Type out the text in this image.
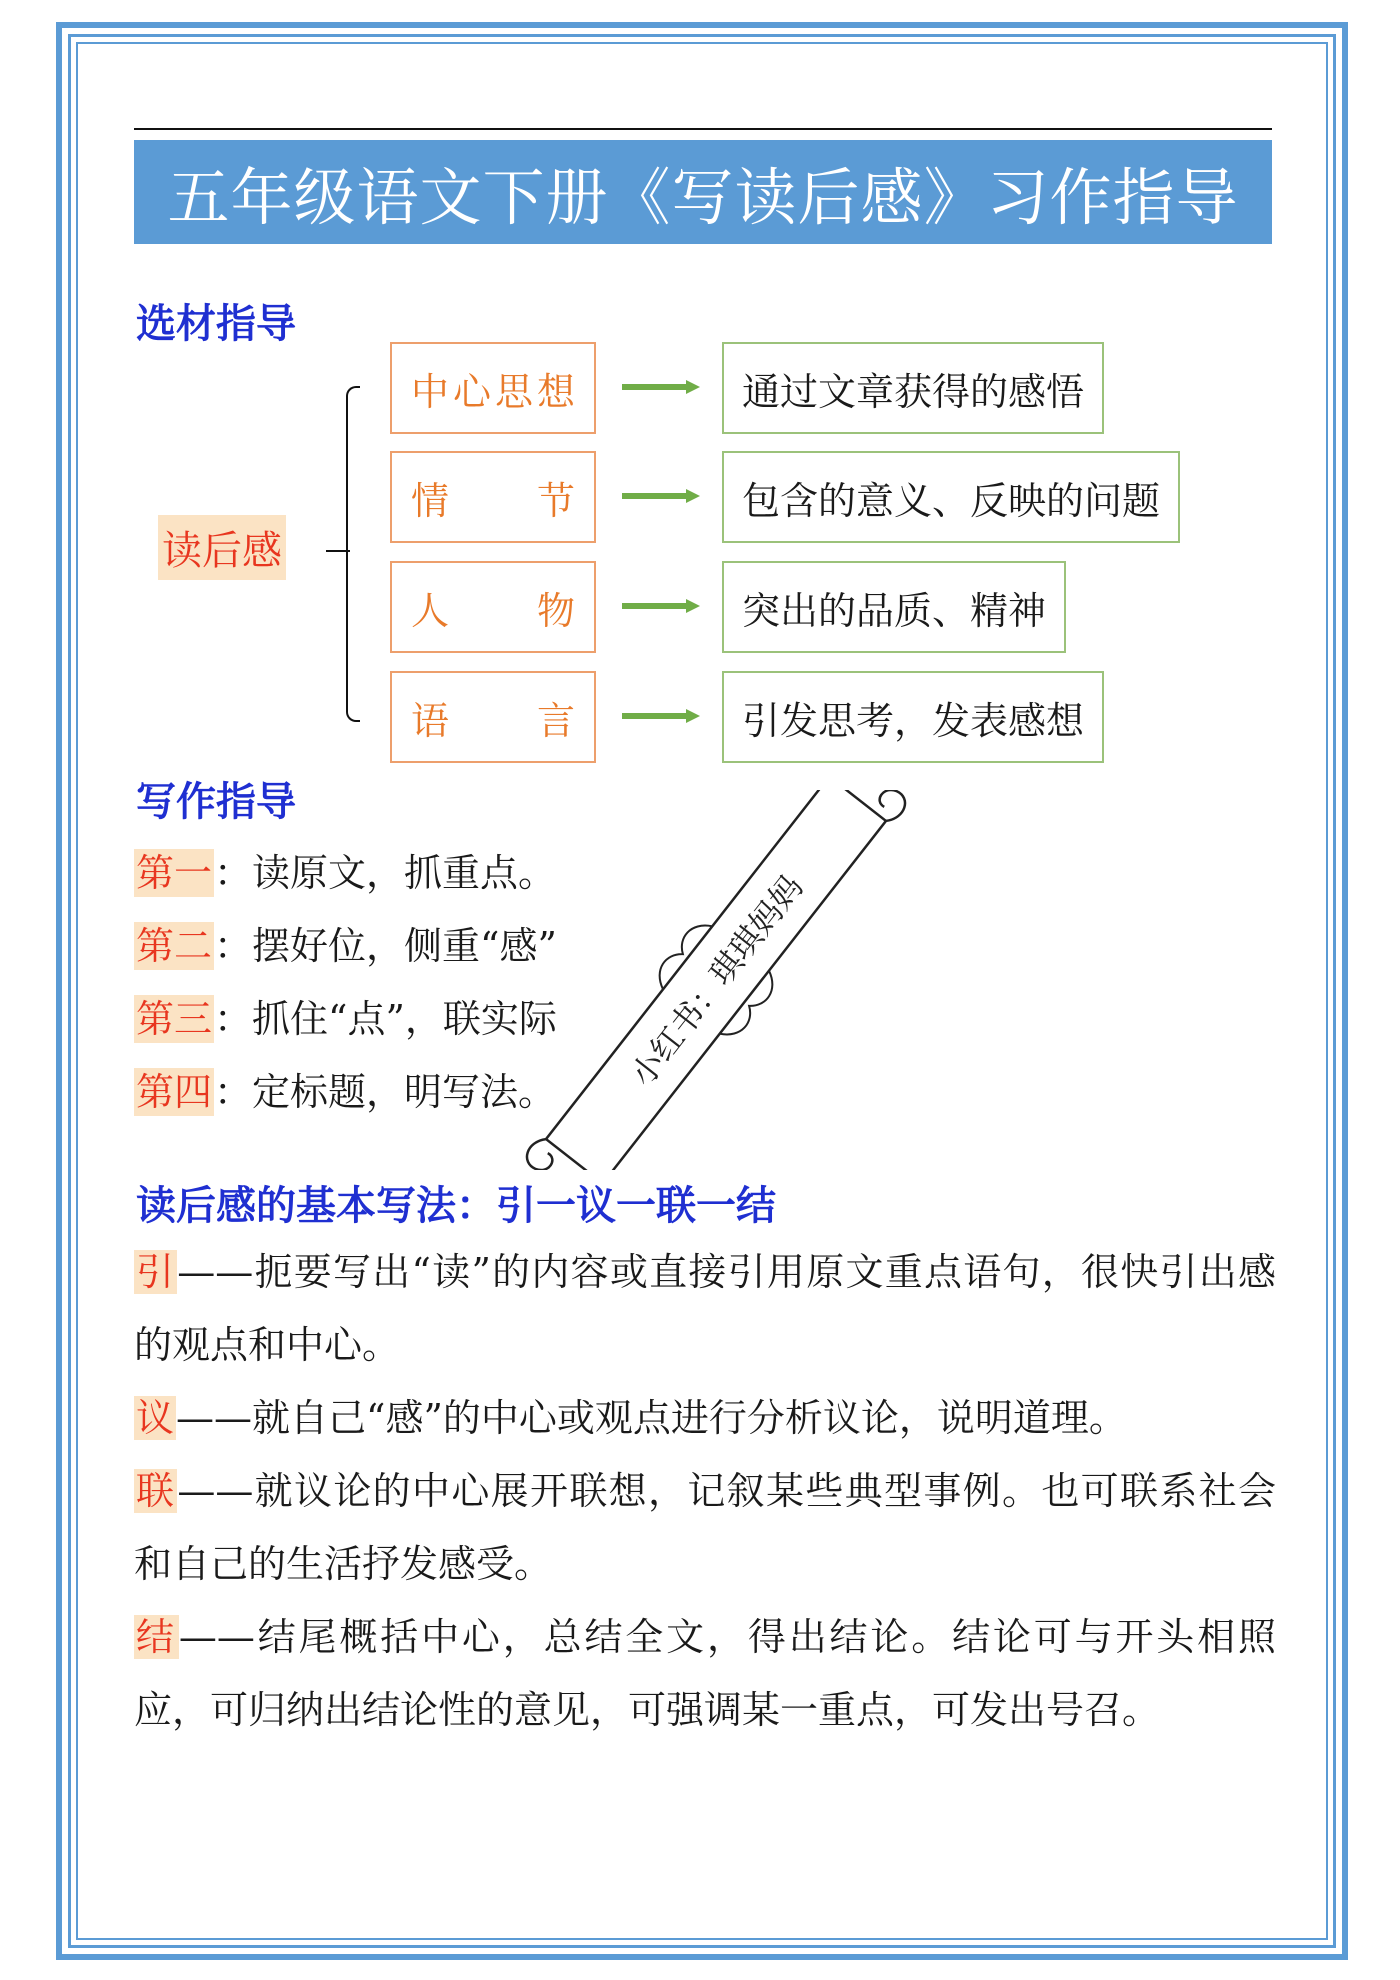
五年级语文下册《写读后感》习作指导
选材指导
读后感
中心思想	通过文章获得的感悟
情节	包含的意义、反映的问题
人物	突出的品质、精神
语言	引发思考，发表感想
写作指导
第一：读原文，抓重点。
第二：摆好位，侧重“感”
第三：抓住“点”，联实际
第四：定标题，明写法。
读后感的基本写法：引一议一联一结
引——扼要写出“读”的内容或直接引用原文重点语句，很快引出感的观点和中心。
议——就自己“感”的中心或观点进行分析议论，说明道理。
联——就议论的中心展开联想，记叙某些典型事例。也可联系社会和自己的生活抒发感受。
结——结尾概括中心，总结全文，得出结论。结论可与开头相照应，可归纳出结论性的意见，可强调某一重点，可发出号召。
小红书：琪琪妈妈
